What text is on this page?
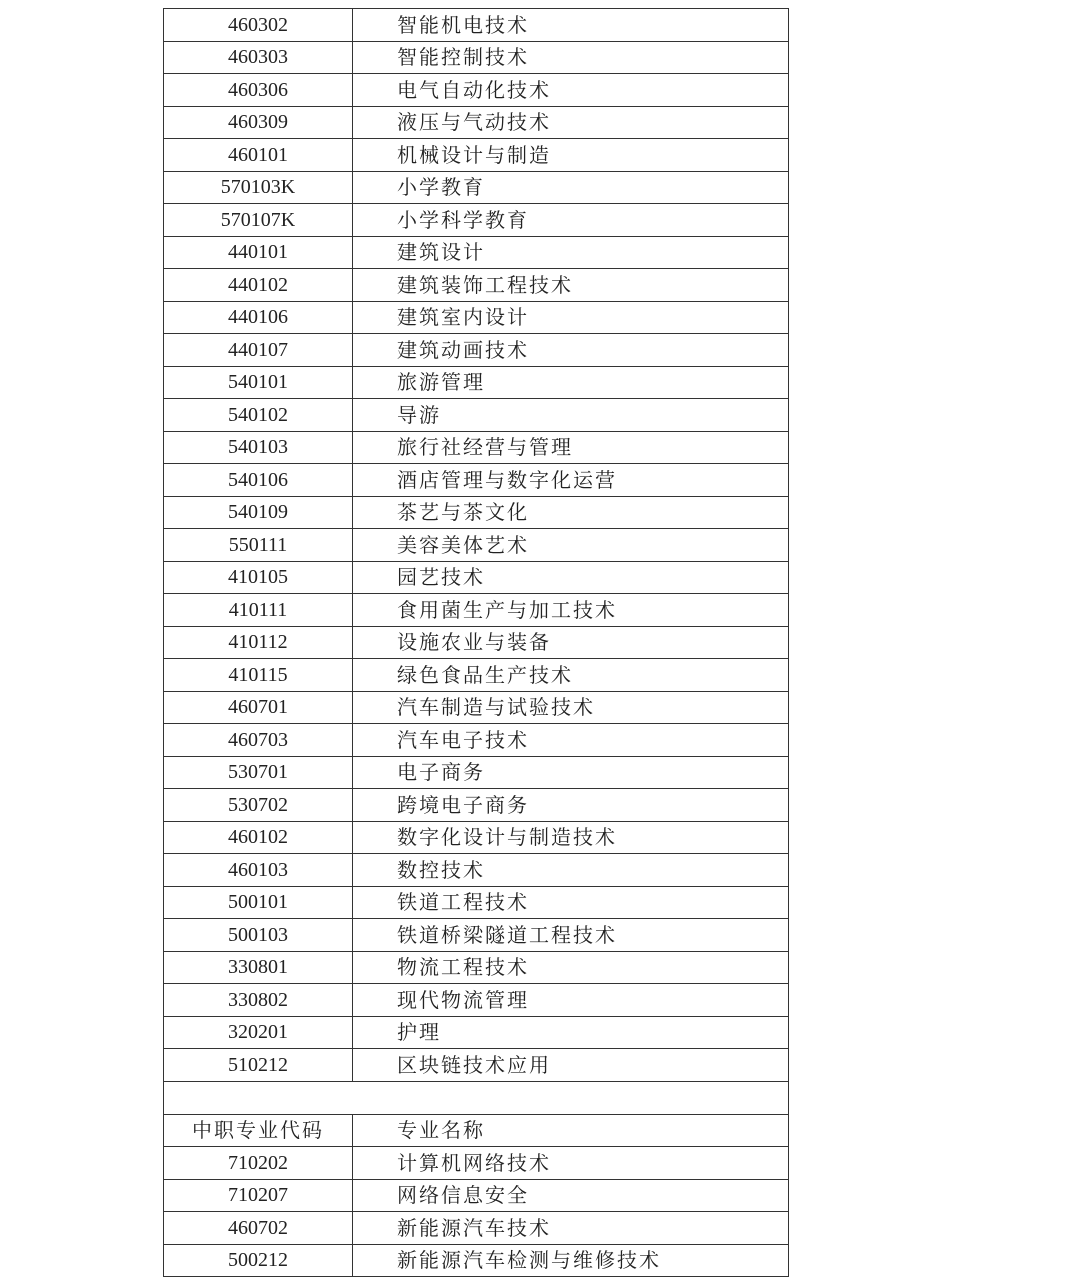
460302	智能机电技术
460303	智能控制技术
460306	电气自动化技术
460309	液压与气动技术
460101	机械设计与制造
570103K	小学教育
570107K	小学科学教育
440101	建筑设计
440102	建筑装饰工程技术
440106	建筑室内设计
440107	建筑动画技术
540101	旅游管理
540102	导游
540103	旅行社经营与管理
540106	酒店管理与数字化运营
540109	茶艺与茶文化
550111	美容美体艺术
410105	园艺技术
410111	食用菌生产与加工技术
410112	设施农业与装备
410115	绿色食品生产技术
460701	汽车制造与试验技术
460703	汽车电子技术
530701	电子商务
530702	跨境电子商务
460102	数字化设计与制造技术
460103	数控技术
500101	铁道工程技术
500103	铁道桥梁隧道工程技术
330801	物流工程技术
330802	现代物流管理
320201	护理
510212	区块链技术应用

中职专业代码	专业名称
710202	计算机网络技术
710207	网络信息安全
460702	新能源汽车技术
500212	新能源汽车检测与维修技术
